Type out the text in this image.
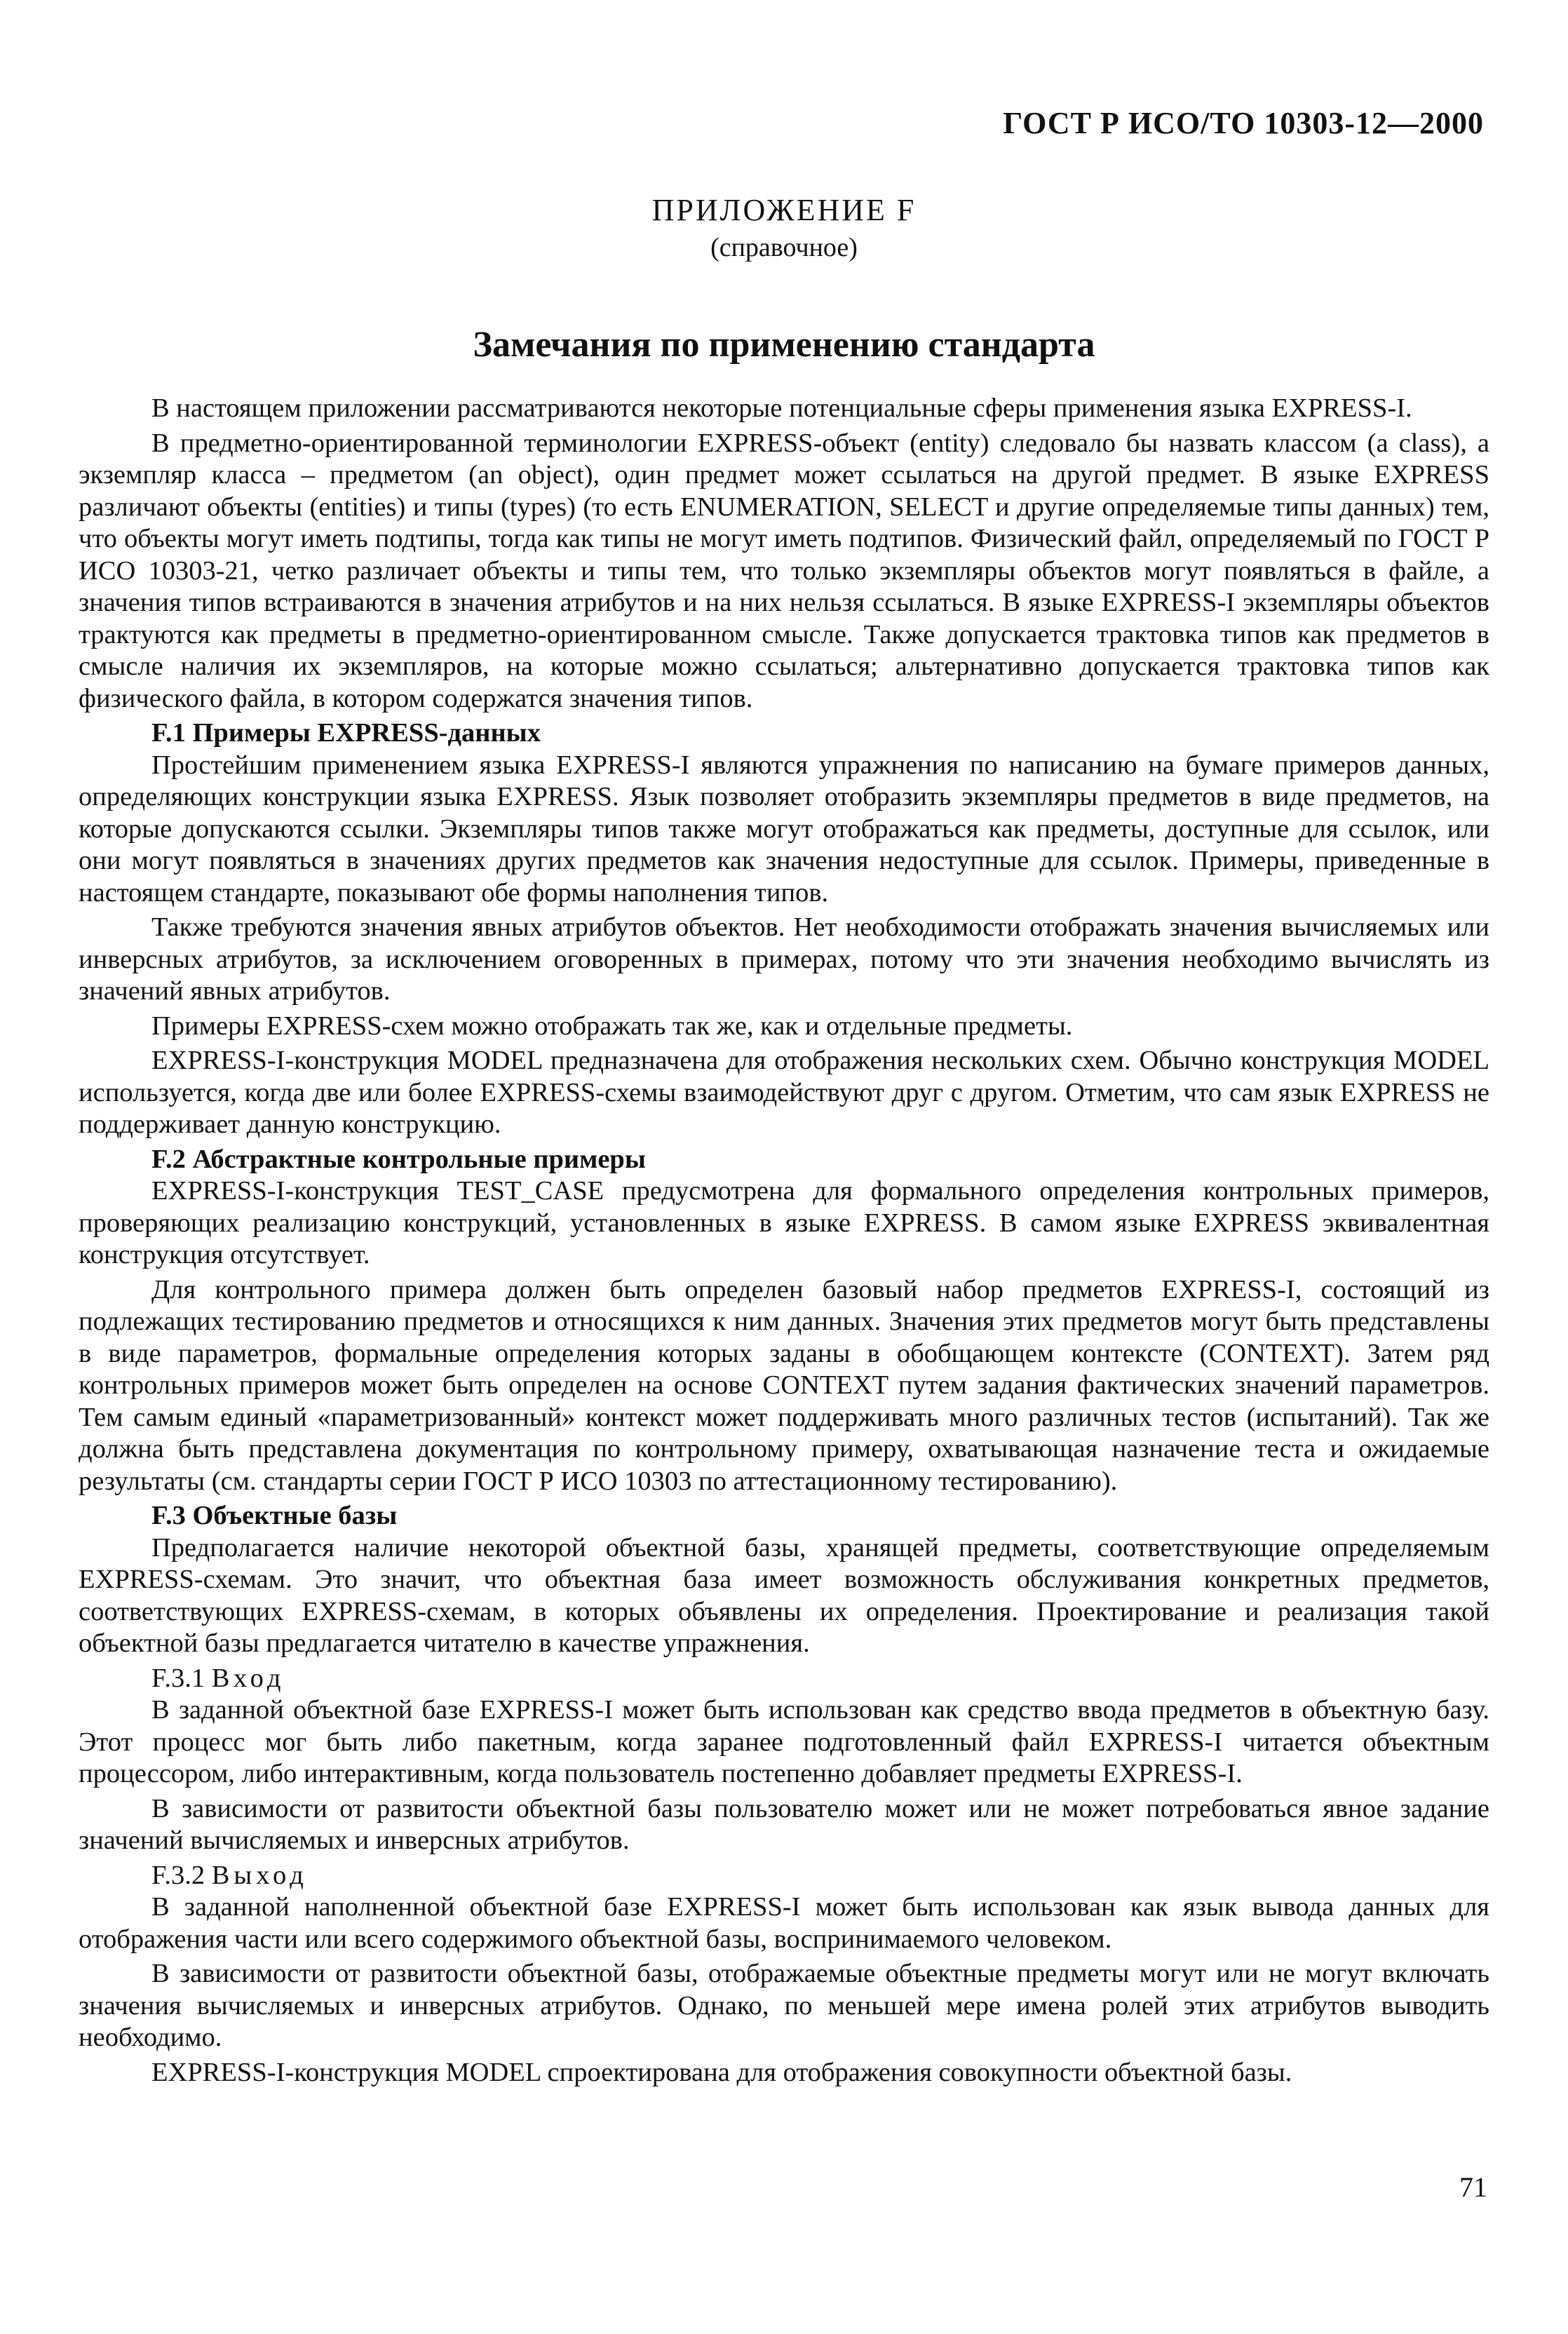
ГОСТ Р ИСО/ТО 10303-12—2000
ПРИЛОЖЕНИЕ F
(справочное)
Замечания по применению стандарта

В настоящем приложении рассматриваются некоторые потенциальные сферы применения языка EXPRESS-I.

В предметно-ориентированной терминологии EXPRESS-объект (entity) следовало бы назвать классом (a class), а экземпляр класса – предметом (an object), один предмет может ссылаться на другой предмет. В языке EXPRESS различают объекты (entities) и типы (types) (то есть ENUMERATION, SELECT и другие определяемые типы данных) тем, что объекты могут иметь подтипы, тогда как типы не могут иметь подтипов. Физический файл, определяемый по ГОСТ Р ИСО 10303-21, четко различает объекты и типы тем, что только экземпляры объектов могут появляться в файле, а значения типов встраиваются в значения атрибутов и на них нельзя ссылаться. В языке EXPRESS-I экземпляры объектов трактуются как предметы в предметно-ориентированном смысле. Также допускается трактовка типов как предметов в смысле наличия их экземпляров, на которые можно ссылаться; альтернативно допускается трактовка типов как физического файла, в котором содержатся значения типов.

F.1 Примеры EXPRESS-данных

Простейшим применением языка EXPRESS-I являются упражнения по написанию на бумаге примеров данных, определяющих конструкции языка EXPRESS. Язык позволяет отобразить экземпляры предметов в виде предметов, на которые допускаются ссылки. Экземпляры типов также могут отображаться как предметы, доступные для ссылок, или они могут появляться в значениях других предметов как значения недоступные для ссылок. Примеры, приведенные в настоящем стандарте, показывают обе формы наполнения типов.

Также требуются значения явных атрибутов объектов. Нет необходимости отображать значения вычисляемых или инверсных атрибутов, за исключением оговоренных в примерах, потому что эти значения необходимо вычислять из значений явных атрибутов.

Примеры EXPRESS-схем можно отображать так же, как и отдельные предметы.

EXPRESS-I-конструкция MODEL предназначена для отображения нескольких схем. Обычно конструкция MODEL используется, когда две или более EXPRESS-схемы взаимодействуют друг с другом. Отметим, что сам язык EXPRESS не поддерживает данную конструкцию.

F.2 Абстрактные контрольные примеры

EXPRESS-I-конструкция TEST_CASE предусмотрена для формального определения контрольных примеров, проверяющих реализацию конструкций, установленных в языке EXPRESS. В самом языке EXPRESS эквивалентная конструкция отсутствует.

Для контрольного примера должен быть определен базовый набор предметов EXPRESS-I, состоящий из подлежащих тестированию предметов и относящихся к ним данных. Значения этих предметов могут быть представлены в виде параметров, формальные определения которых заданы в обобщающем контексте (CONTEXT). Затем ряд контрольных примеров может быть определен на основе CONTEXT путем задания фактических значений параметров. Тем самым единый «параметризованный» контекст может поддерживать много различных тестов (испытаний). Так же должна быть представлена документация по контрольному примеру, охватывающая назначение теста и ожидаемые результаты (см. стандарты серии ГОСТ Р ИСО 10303 по аттестационному тестированию).

F.3 Объектные базы

Предполагается наличие некоторой объектной базы, хранящей предметы, соответствующие определяемым EXPRESS-схемам. Это значит, что объектная база имеет возможность обслуживания конкретных предметов, соответствующих EXPRESS-схемам, в которых объявлены их определения. Проектирование и реализация такой объектной базы предлагается читателю в качестве упражнения.

F.3.1 Вход

В заданной объектной базе EXPRESS-I может быть использован как средство ввода предметов в объектную базу. Этот процесс мог быть либо пакетным, когда заранее подготовленный файл EXPRESS-I читается объектным процессором, либо интерактивным, когда пользователь постепенно добавляет предметы EXPRESS-I.

В зависимости от развитости объектной базы пользователю может или не может потребоваться явное задание значений вычисляемых и инверсных атрибутов.

F.3.2 Выход

В заданной наполненной объектной базе EXPRESS-I может быть использован как язык вывода данных для отображения части или всего содержимого объектной базы, воспринимаемого человеком.

В зависимости от развитости объектной базы, отображаемые объектные предметы могут или не могут включать значения вычисляемых и инверсных атрибутов. Однако, по меньшей мере имена ролей этих атрибутов выводить необходимо.

EXPRESS-I-конструкция MODEL спроектирована для отображения совокупности объектной базы.

71
